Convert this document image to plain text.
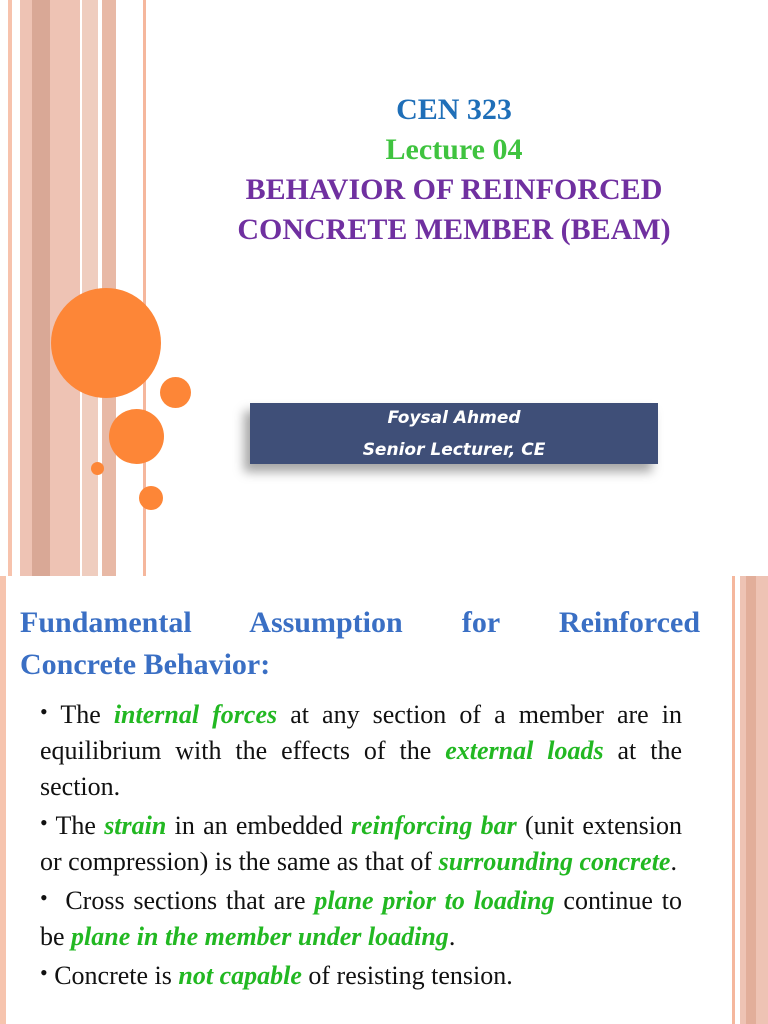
CEN 323
Lecture 04
BEHAVIOR OF REINFORCED
CONCRETE MEMBER (BEAM)
Foysal Ahmed
Senior Lecturer, CE
Fundamental Assumption for Reinforced
Concrete Behavior:

• The internal forces at any section of a member are in equilibrium with the effects of the external loads at the section.

• The strain in an embedded reinforcing bar (unit extension or compression) is the same as that of surrounding concrete.

• Cross sections that are plane prior to loading continue to be plane in the member under loading.

• Concrete is not capable of resisting tension.
